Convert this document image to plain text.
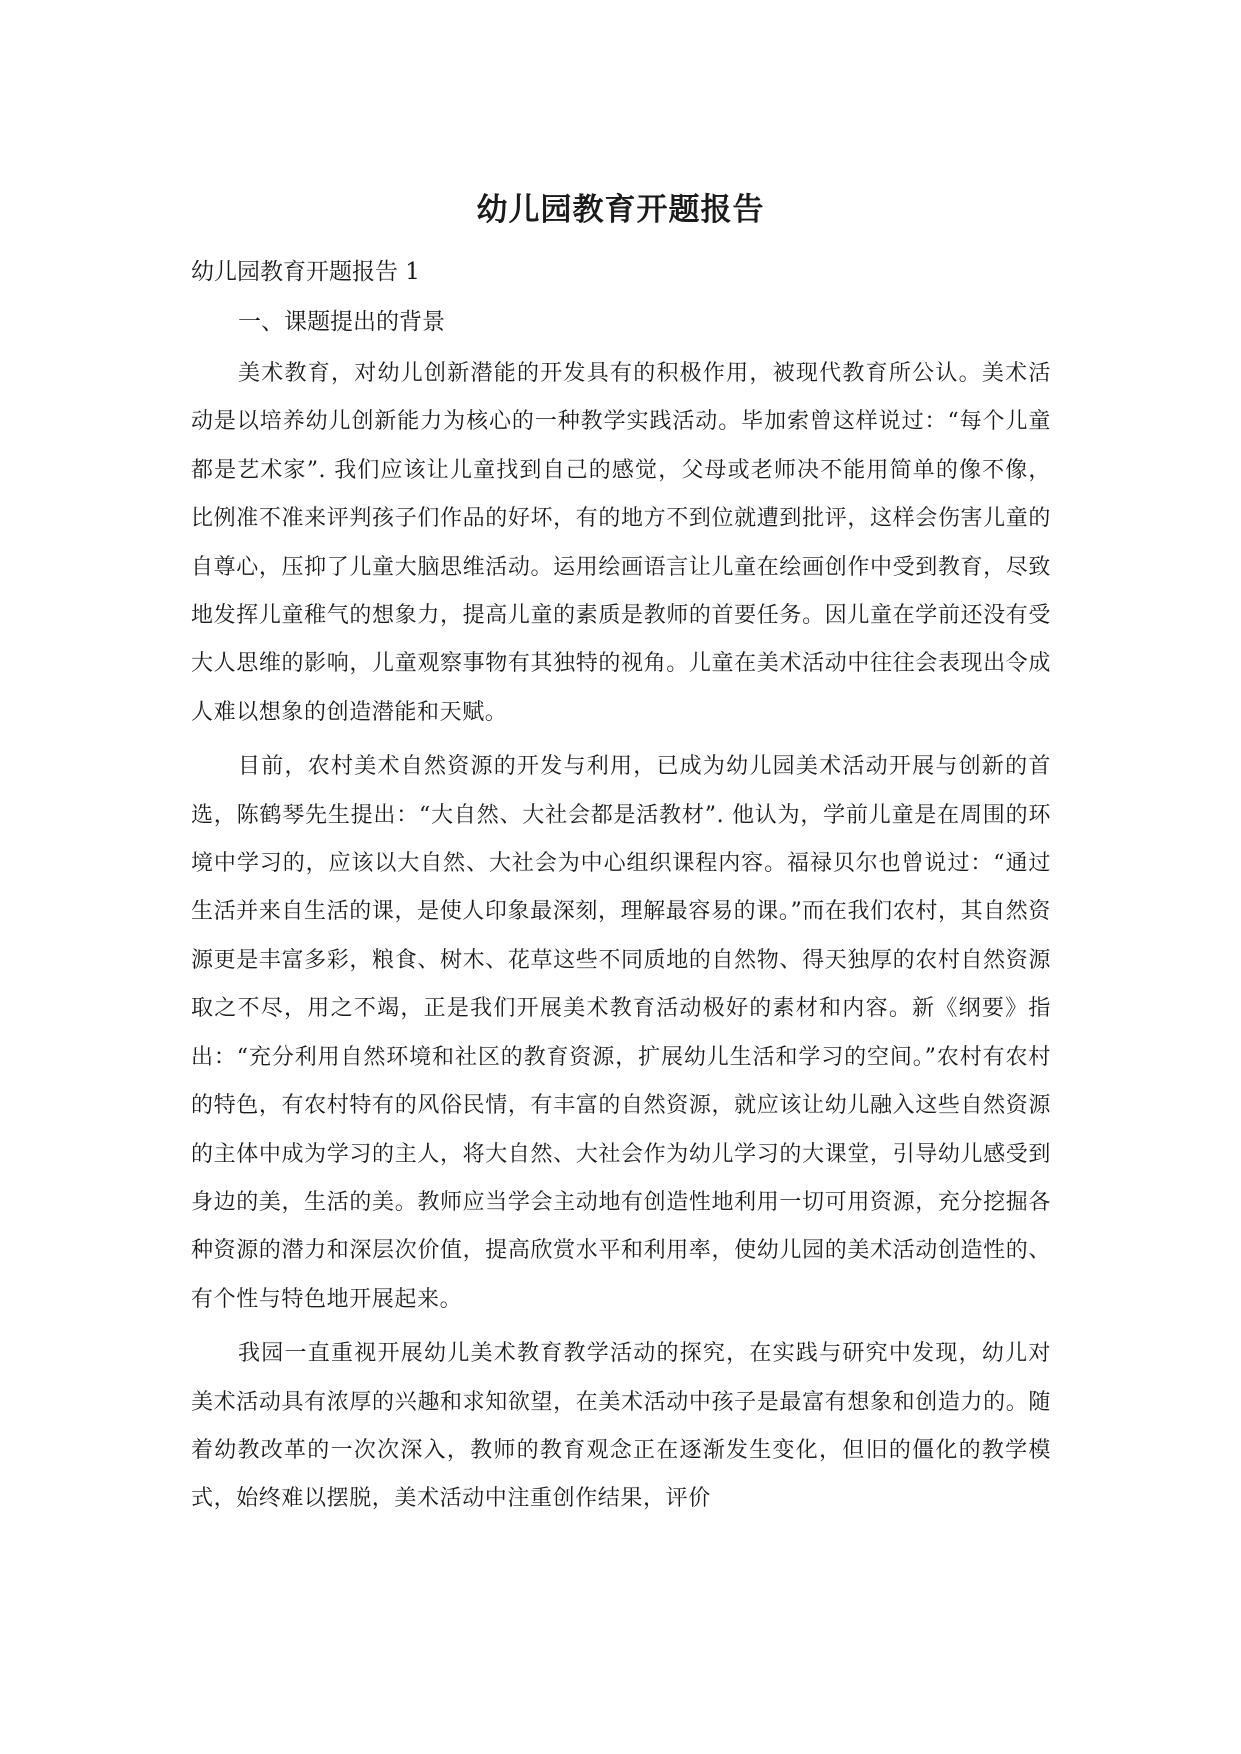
幼儿园教育开题报告
幼儿园教育开题报告 1
一、课题提出的背景

美术教育，对幼儿创新潜能的开发具有的积极作用，被现代教育所公认。美术活动是以培养幼儿创新能力为核心的一种教学实践活动。毕加索曾这样说过：“每个儿童都是艺术家”. 我们应该让儿童找到自己的感觉，父母或老师决不能用简单的像不像，比例准不准来评判孩子们作品的好坏，有的地方不到位就遭到批评，这样会伤害儿童的自尊心，压抑了儿童大脑思维活动。运用绘画语言让儿童在绘画创作中受到教育，尽致地发挥儿童稚气的想象力，提高儿童的素质是教师的首要任务。因儿童在学前还没有受大人思维的影响，儿童观察事物有其独特的视角。儿童在美术活动中往往会表现出令成人难以想象的创造潜能和天赋。

目前，农村美术自然资源的开发与利用，已成为幼儿园美术活动开展与创新的首选，陈鹤琴先生提出：“大自然、大社会都是活教材”. 他认为，学前儿童是在周围的环境中学习的，应该以大自然、大社会为中心组织课程内容。福禄贝尔也曾说过：“通过生活并来自生活的课，是使人印象最深刻，理解最容易的课。”而在我们农村，其自然资源更是丰富多彩，粮食、树木、花草这些不同质地的自然物、得天独厚的农村自然资源取之不尽，用之不竭，正是我们开展美术教育活动极好的素材和内容。新《纲要》指出：“充分利用自然环境和社区的教育资源，扩展幼儿生活和学习的空间。”农村有农村的特色，有农村特有的风俗民情，有丰富的自然资源，就应该让幼儿融入这些自然资源的主体中成为学习的主人，将大自然、大社会作为幼儿学习的大课堂，引导幼儿感受到身边的美，生活的美。教师应当学会主动地有创造性地利用一切可用资源，充分挖掘各种资源的潜力和深层次价值，提高欣赏水平和利用率，使幼儿园的美术活动创造性的、有个性与特色地开展起来。

我园一直重视开展幼儿美术教育教学活动的探究，在实践与研究中发现，幼儿对美术活动具有浓厚的兴趣和求知欲望，在美术活动中孩子是最富有想象和创造力的。随着幼教改革的一次次深入，教师的教育观念正在逐渐发生变化，但旧的僵化的教学模式，始终难以摆脱，美术活动中注重创作结果，评价
